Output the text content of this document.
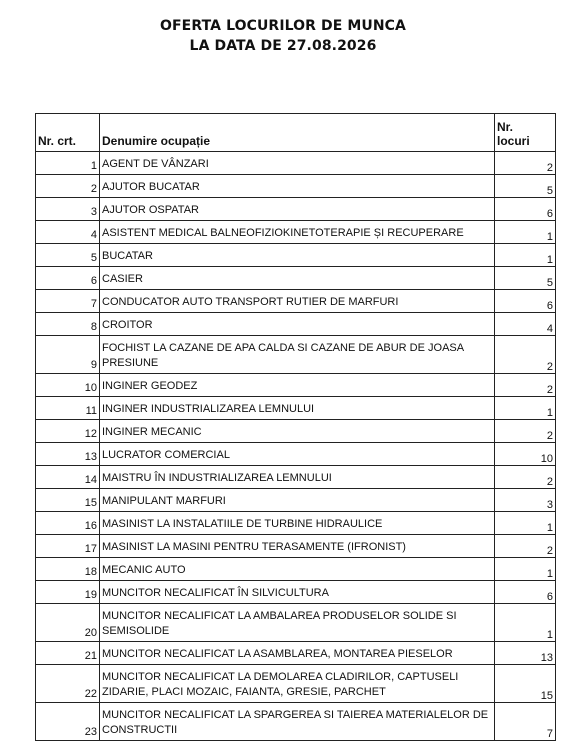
OFERTA LOCURILOR DE MUNCA
LA DATA DE 27.08.2026
Nr. crt.	Denumire ocupație	Nr.
locuri
1	AGENT DE VÂNZARI	2
2	AJUTOR BUCATAR	5
3	AJUTOR OSPATAR	6
4	ASISTENT MEDICAL BALNEOFIZIOKINETOTERAPIE ȘI RECUPERARE	1
5	BUCATAR	1
6	CASIER	5
7	CONDUCATOR AUTO TRANSPORT RUTIER DE MARFURI	6
8	CROITOR	4
9	FOCHIST LA CAZANE DE APA CALDA SI CAZANE DE ABUR DE JOASA PRESIUNE	2
10	INGINER GEODEZ	2
11	INGINER INDUSTRIALIZAREA LEMNULUI	1
12	INGINER MECANIC	2
13	LUCRATOR COMERCIAL	10
14	MAISTRU ÎN INDUSTRIALIZAREA LEMNULUI	2
15	MANIPULANT MARFURI	3
16	MASINIST LA INSTALATIILE DE TURBINE HIDRAULICE	1
17	MASINIST LA MASINI PENTRU TERASAMENTE (IFRONIST)	2
18	MECANIC AUTO	1
19	MUNCITOR NECALIFICAT ÎN SILVICULTURA	6
20	MUNCITOR NECALIFICAT LA AMBALAREA PRODUSELOR SOLIDE SI SEMISOLIDE	1
21	MUNCITOR NECALIFICAT LA ASAMBLAREA, MONTAREA PIESELOR	13
22	MUNCITOR NECALIFICAT LA DEMOLAREA CLADIRILOR, CAPTUSELI ZIDARIE, PLACI MOZAIC, FAIANTA, GRESIE, PARCHET	15
23	MUNCITOR NECALIFICAT LA SPARGEREA SI TAIEREA MATERIALELOR DE CONSTRUCTII	7
